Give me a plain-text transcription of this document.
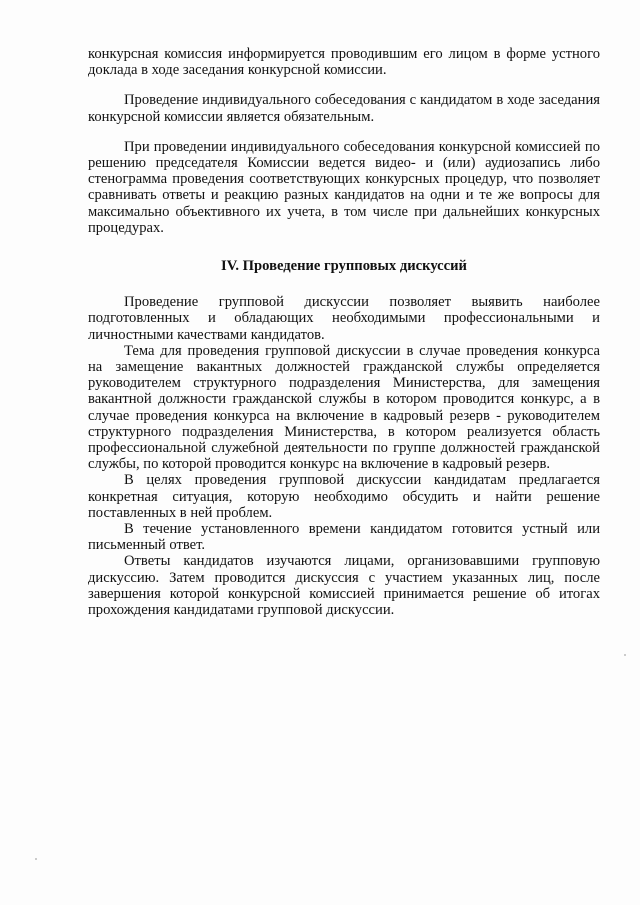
конкурсная комиссия информируется проводившим его лицом в форме устного доклада в ходе заседания конкурсной комиссии.

Проведение индивидуального собеседования с кандидатом в ходе заседания конкурсной комиссии является обязательным.

При проведении индивидуального собеседования конкурсной комиссией по решению председателя Комиссии ведется видео- и (или) аудиозапись либо стенограмма проведения соответствующих конкурсных процедур, что позволяет сравнивать ответы и реакцию разных кандидатов на одни и те же вопросы для максимально объективного их учета, в том числе при дальнейших конкурсных процедурах.

IV. Проведение групповых дискуссий

Проведение групповой дискуссии позволяет выявить наиболее подготовленных и обладающих необходимыми профессиональными и личностными качествами кандидатов.

Тема для проведения групповой дискуссии в случае проведения конкурса на замещение вакантных должностей гражданской службы определяется руководителем структурного подразделения Министерства, для замещения вакантной должности гражданской службы в котором проводится конкурс, а в случае проведения конкурса на включение в кадровый резерв - руководителем структурного подразделения Министерства, в котором реализуется область профессиональной служебной деятельности по группе должностей гражданской службы, по которой проводится конкурс на включение в кадровый резерв.

В целях проведения групповой дискуссии кандидатам предлагается конкретная ситуация, которую необходимо обсудить и найти решение поставленных в ней проблем.

В течение установленного времени кандидатом готовится устный или письменный ответ.

Ответы кандидатов изучаются лицами, организовавшими групповую дискуссию. Затем проводится дискуссия с участием указанных лиц, после завершения которой конкурсной комиссией принимается решение об итогах прохождения кандидатами групповой дискуссии.
